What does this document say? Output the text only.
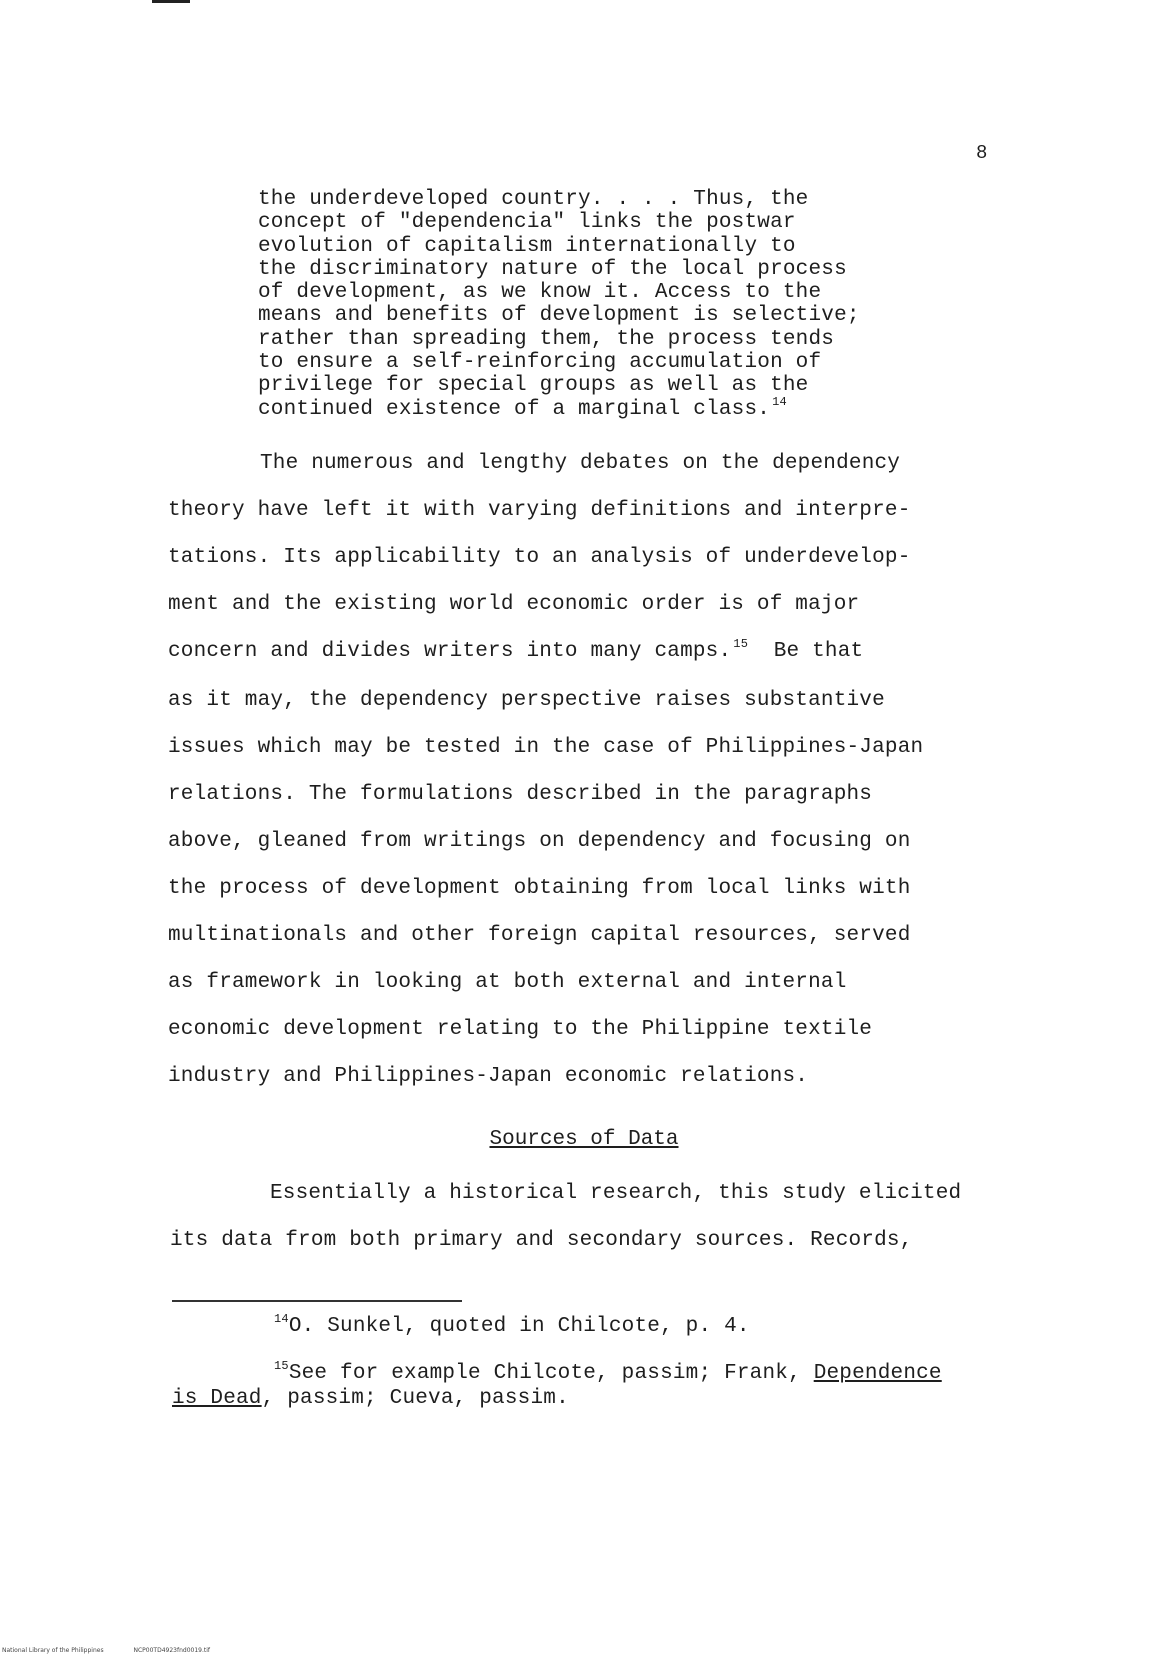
8
the underdeveloped country. . . . Thus, the
concept of "dependencia" links the postwar
evolution of capitalism internationally to
the discriminatory nature of the local process
of development, as we know it. Access to the
means and benefits of development is selective;
rather than spreading them, the process tends
to ensure a self-reinforcing accumulation of
privilege for special groups as well as the
continued existence of a marginal class. $^{14}$
The numerous and lengthy debates on the dependency
theory have left it with varying definitions and interpre-
tations. Its applicability to an analysis of underdevelop-
ment and the existing world economic order is of major
concern and divides writers into many camps. $^{15}$  Be that
as it may, the dependency perspective raises substantive
issues which may be tested in the case of Philippines-Japan
relations. The formulations described in the paragraphs
above, gleaned from writings on dependency and focusing on
the process of development obtaining from local links with
multinationals and other foreign capital resources, served
as framework in looking at both external and internal
economic development relating to the Philippine textile
industry and Philippines-Japan economic relations.
Sources of Data
Essentially a historical research, this study elicited
its data from both primary and secondary sources. Records,
$^{14}$O. Sunkel, quoted in Chilcote, p. 4.
$^{15}$See for example Chilcote, passim; Frank, Dependence
is Dead, passim; Cueva, passim.
National Library of the Philippines	NCP00TD4923fnd0019.tif
